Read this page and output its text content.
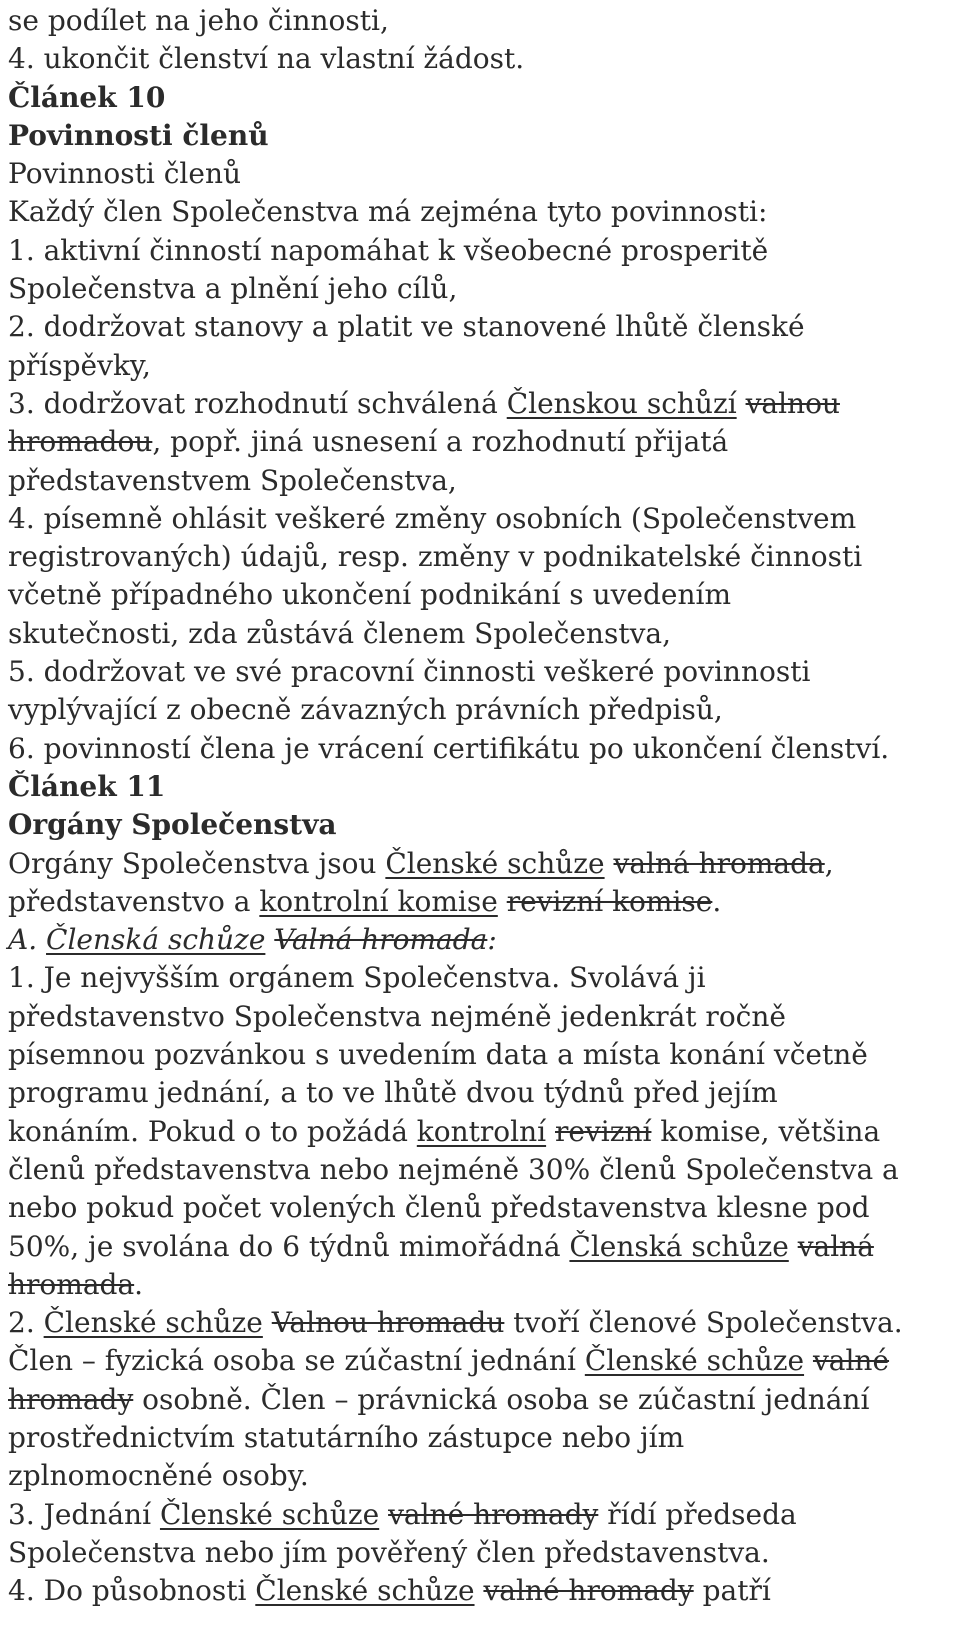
se podílet na jeho činnosti,

4. ukončit členství na vlastní žádost.

Článek 10

Povinnosti členů

Povinnosti členů

Každý člen Společenstva má zejména tyto povinnosti:

1. aktivní činností napomáhat k všeobecné prosperitě

Společenstva a plnění jeho cílů,

2. dodržovat stanovy a platit ve stanovené lhůtě členské

příspěvky,

3. dodržovat rozhodnutí schválená Členskou schůzí valnou

hromadou, popř. jiná usnesení a rozhodnutí přijatá

představenstvem Společenstva,

4. písemně ohlásit veškeré změny osobních (Společenstvem

registrovaných) údajů, resp. změny v podnikatelské činnosti

včetně případného ukončení podnikání s uvedením

skutečnosti, zda zůstává členem Společenstva,

5. dodržovat ve své pracovní činnosti veškeré povinnosti

vyplývající z obecně závazných právních předpisů,

6. povinností člena je vrácení certifikátu po ukončení členství.

Článek 11

Orgány Společenstva

Orgány Společenstva jsou Členské schůze valná hromada,

představenstvo a kontrolní komise revizní komise.

A. Členská schůze Valná hromada:

1. Je nejvyšším orgánem Společenstva. Svolává ji

představenstvo Společenstva nejméně jedenkrát ročně

písemnou pozvánkou s uvedením data a místa konání včetně

programu jednání, a to ve lhůtě dvou týdnů před jejím

konáním. Pokud o to požádá kontrolní revizní komise, většina

členů představenstva nebo nejméně 30% členů Společenstva a

nebo pokud počet volených členů představenstva klesne pod

50%, je svolána do 6 týdnů mimořádná Členská schůze valná

hromada.

2. Členské schůze Valnou hromadu tvoří členové Společenstva.

Člen – fyzická osoba se zúčastní jednání Členské schůze valné

hromady osobně. Člen – právnická osoba se zúčastní jednání

prostřednictvím statutárního zástupce nebo jím

zplnomocněné osoby.

3. Jednání Členské schůze valné hromady řídí předseda

Společenstva nebo jím pověřený člen představenstva.

4. Do působnosti Členské schůze valné hromady patří
